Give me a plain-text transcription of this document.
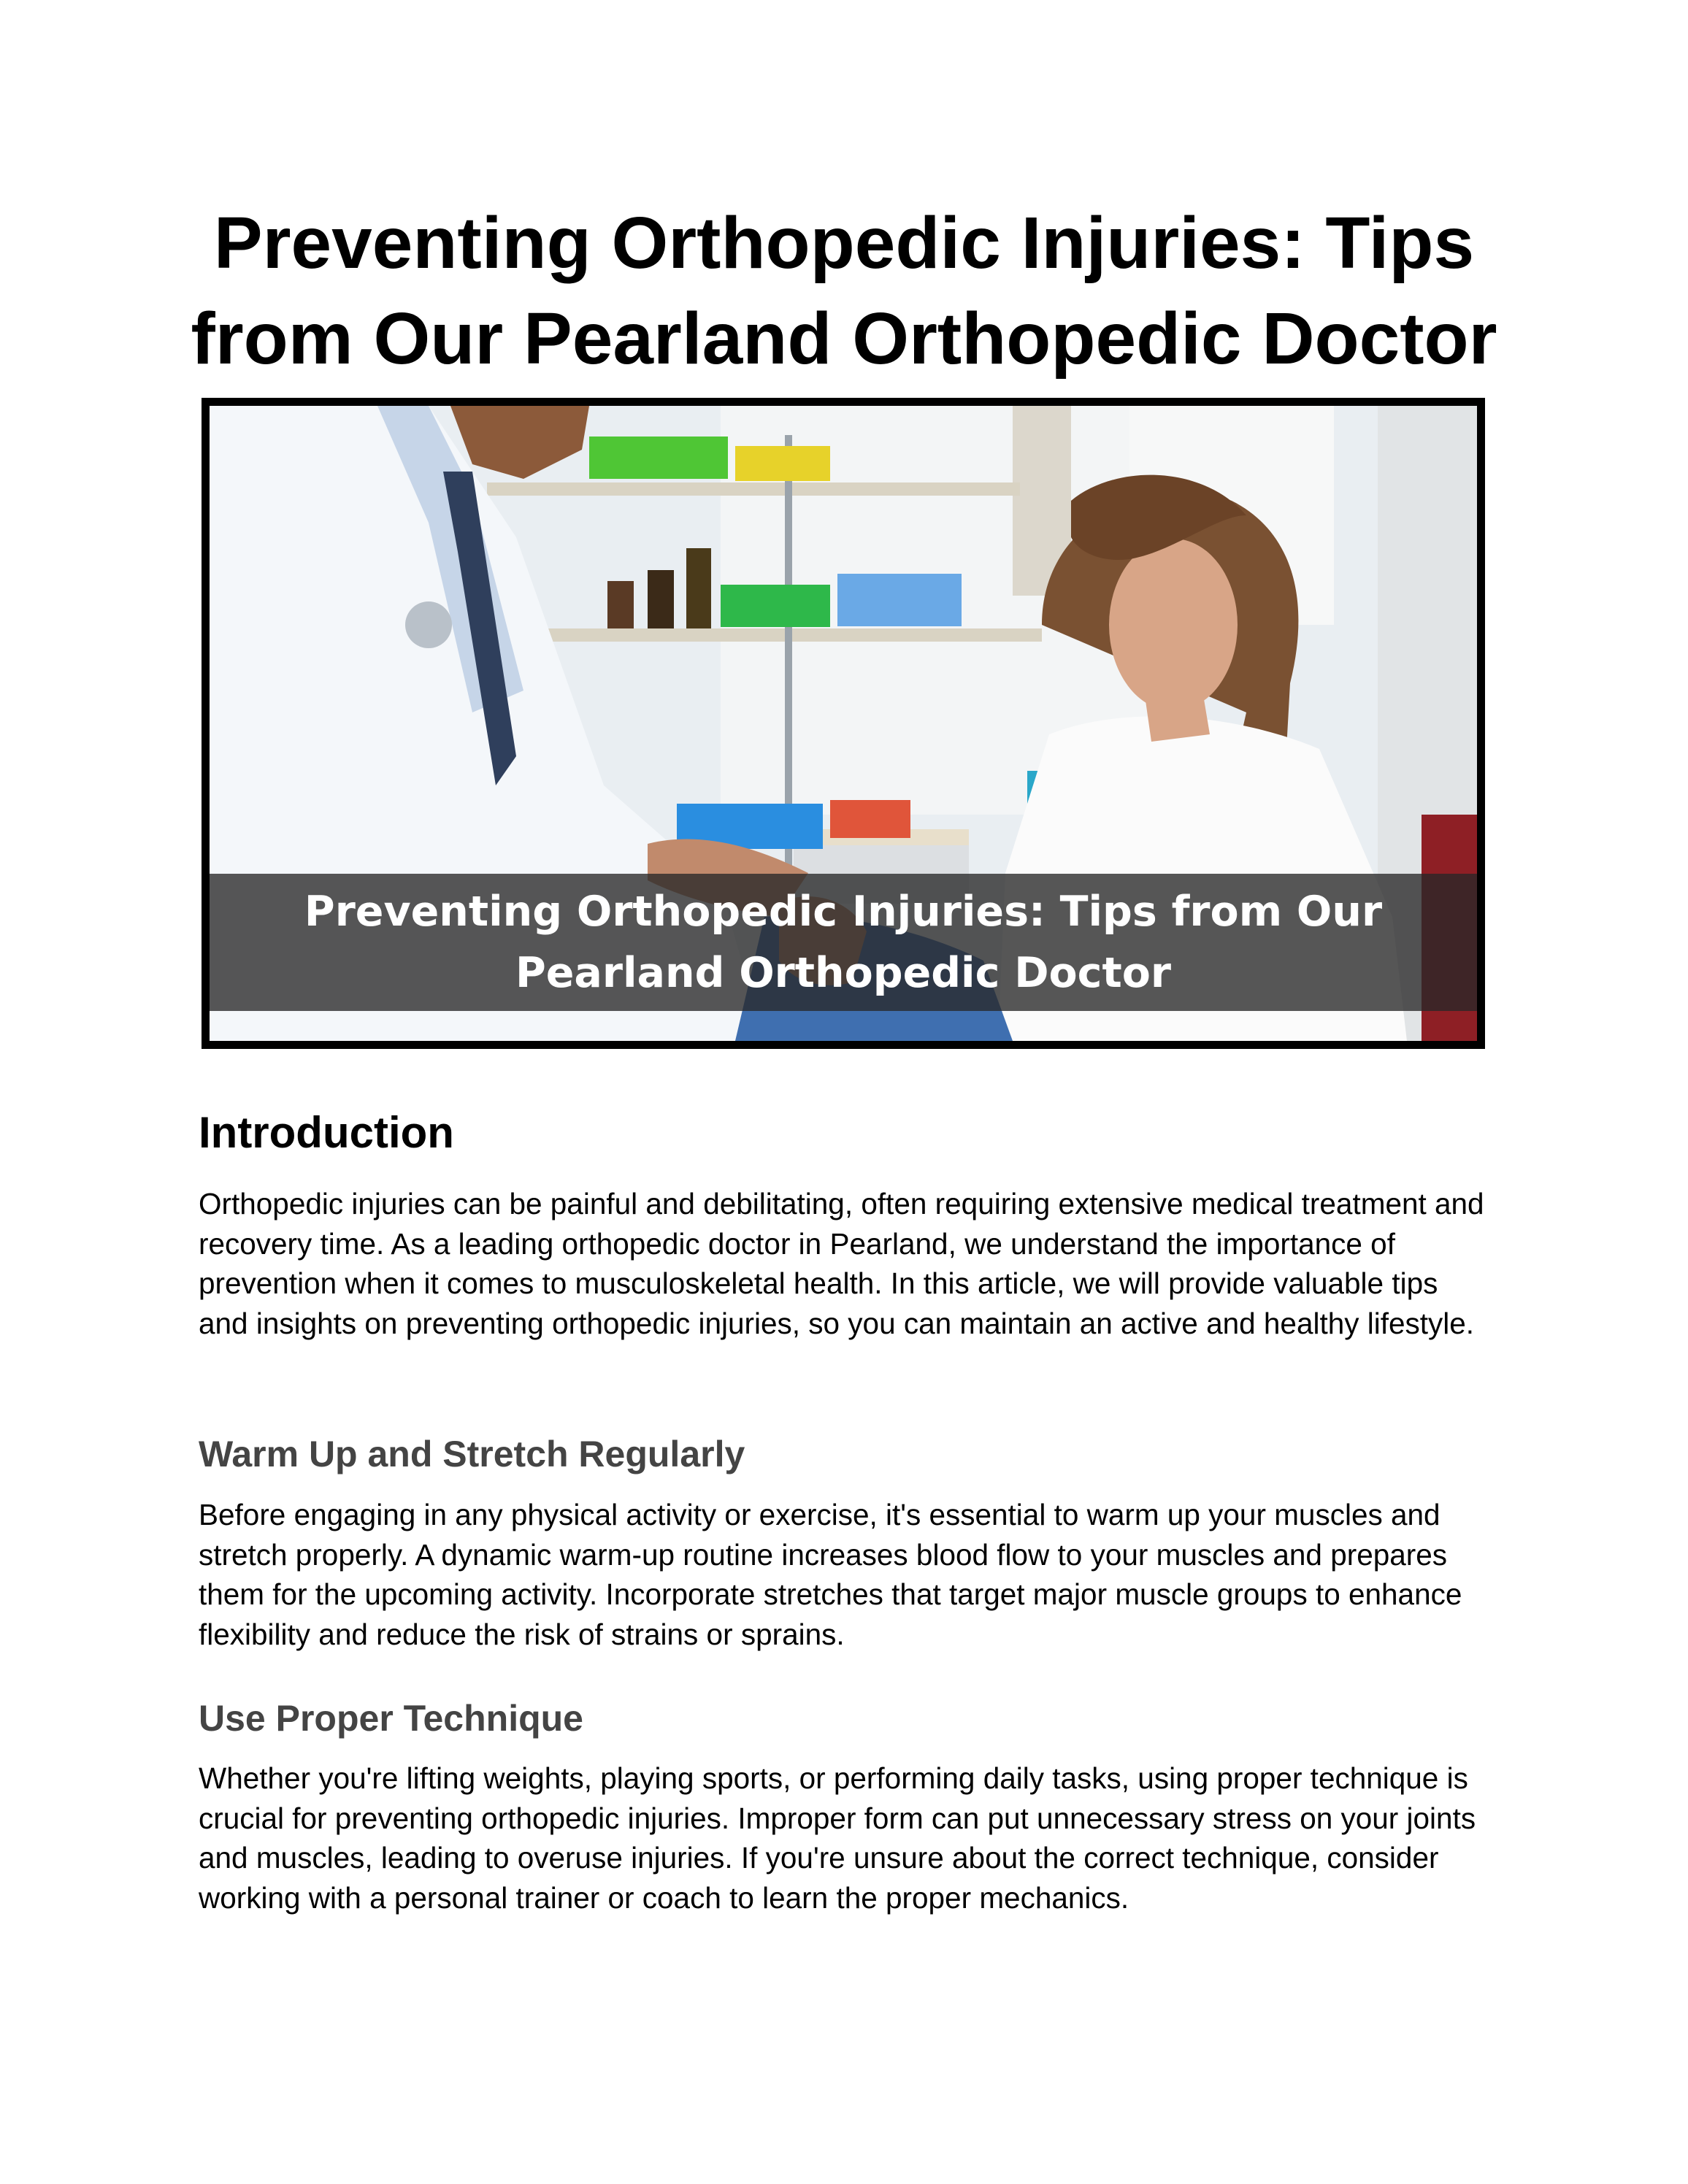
Preventing Orthopedic Injuries: Tips from Our Pearland Orthopedic Doctor

Preventing Orthopedic Injuries: Tips from Our Pearland Orthopedic Doctor

Introduction

Orthopedic injuries can be painful and debilitating, often requiring extensive medical treatment and recovery time. As a leading orthopedic doctor in Pearland, we understand the importance of prevention when it comes to musculoskeletal health. In this article, we will provide valuable tips and insights on preventing orthopedic injuries, so you can maintain an active and healthy lifestyle.

Warm Up and Stretch Regularly

Before engaging in any physical activity or exercise, it's essential to warm up your muscles and stretch properly. A dynamic warm-up routine increases blood flow to your muscles and prepares them for the upcoming activity. Incorporate stretches that target major muscle groups to enhance flexibility and reduce the risk of strains or sprains.

Use Proper Technique

Whether you're lifting weights, playing sports, or performing daily tasks, using proper technique is crucial for preventing orthopedic injuries. Improper form can put unnecessary stress on your joints and muscles, leading to overuse injuries. If you're unsure about the correct technique, consider working with a personal trainer or coach to learn the proper mechanics.
